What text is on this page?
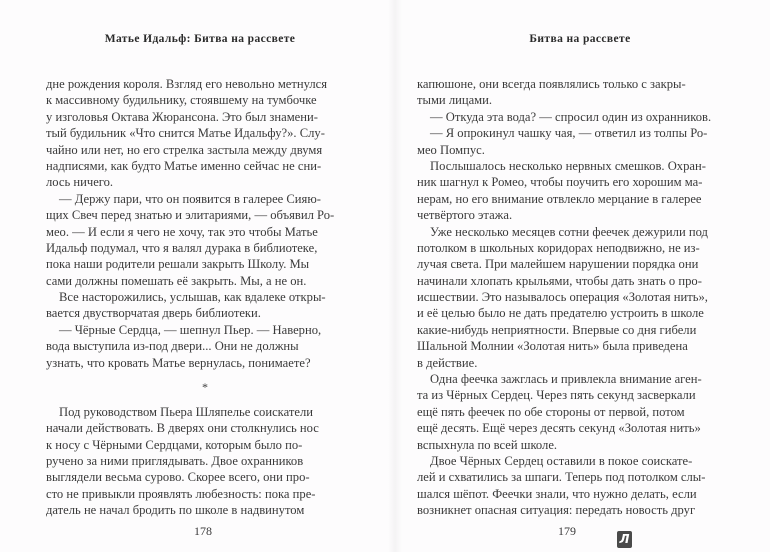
Матье Идальф: Битва на рассвете
дне рождения короля. Взгляд его невольно метнулся
к массивному будильнику, стоявшему на тумбочке
у изголовья Октава Жюрансона. Это был знамени-
тый будильник «Что снится Матье Идальфу?». Слу-
чайно или нет, но его стрелка застыла между двумя
надписями, как будто Матье именно сейчас не сни-
лось ничего.
— Держу пари, что он появится в галерее Сияю-
щих Свеч перед знатью и элитариями, — объявил Ро-
мео. — И если я чего не хочу, так это чтобы Матье
Идальф подумал, что я валял дурака в библиотеке,
пока наши родители решали закрыть Школу. Мы
сами должны помешать её закрыть. Мы, а не он.
Все насторожились, услышав, как вдалеке откры-
вается двустворчатая дверь библиотеки.
— Чёрные Сердца, — шепнул Пьер. — Наверно,
вода выступила из-под двери... Они не должны
узнать, что кровать Матье вернулась, понимаете?
*
Под руководством Пьера Шляпелье соискатели
начали действовать. В дверях они столкнулись нос
к носу с Чёрными Сердцами, которым было по-
ручено за ними приглядывать. Двое охранников
выглядели весьма сурово. Скорее всего, они про-
сто не привыкли проявлять любезность: пока пре-
датель не начал бродить по школе в надвинутом
178
Битва на рассвете
капюшоне, они всегда появлялись только с закры-
тыми лицами.
— Откуда эта вода? — спросил один из охранников.
— Я опрокинул чашку чая, — ответил из толпы Ро-
мео Помпус.
Послышалось несколько нервных смешков. Охран-
ник шагнул к Ромео, чтобы поучить его хорошим ма-
нерам, но его внимание отвлекло мерцание в галерее
четвёртого этажа.
Уже несколько месяцев сотни феечек дежурили под
потолком в школьных коридорах неподвижно, не из-
лучая света. При малейшем нарушении порядка они
начинали хлопать крыльями, чтобы дать знать о про-
исшествии. Это называлось операция «Золотая нить»,
и её целью было не дать предателю устроить в школе
какие-нибудь неприятности. Впервые со дня гибели
Шальной Молнии «Золотая нить» была приведена
в действие.
Одна феечка зажглась и привлекла внимание аген-
та из Чёрных Сердец. Через пять секунд засверкали
ещё пять феечек по обе стороны от первой, потом
ещё десять. Ещё через десять секунд «Золотая нить»
вспыхнула по всей школе.
Двое Чёрных Сердец оставили в покое соискате-
лей и схватились за шпаги. Теперь под потолком слы-
шался шёпот. Феечки знали, что нужно делать, если
возникнет опасная ситуация: передать новость друг
179
Л
